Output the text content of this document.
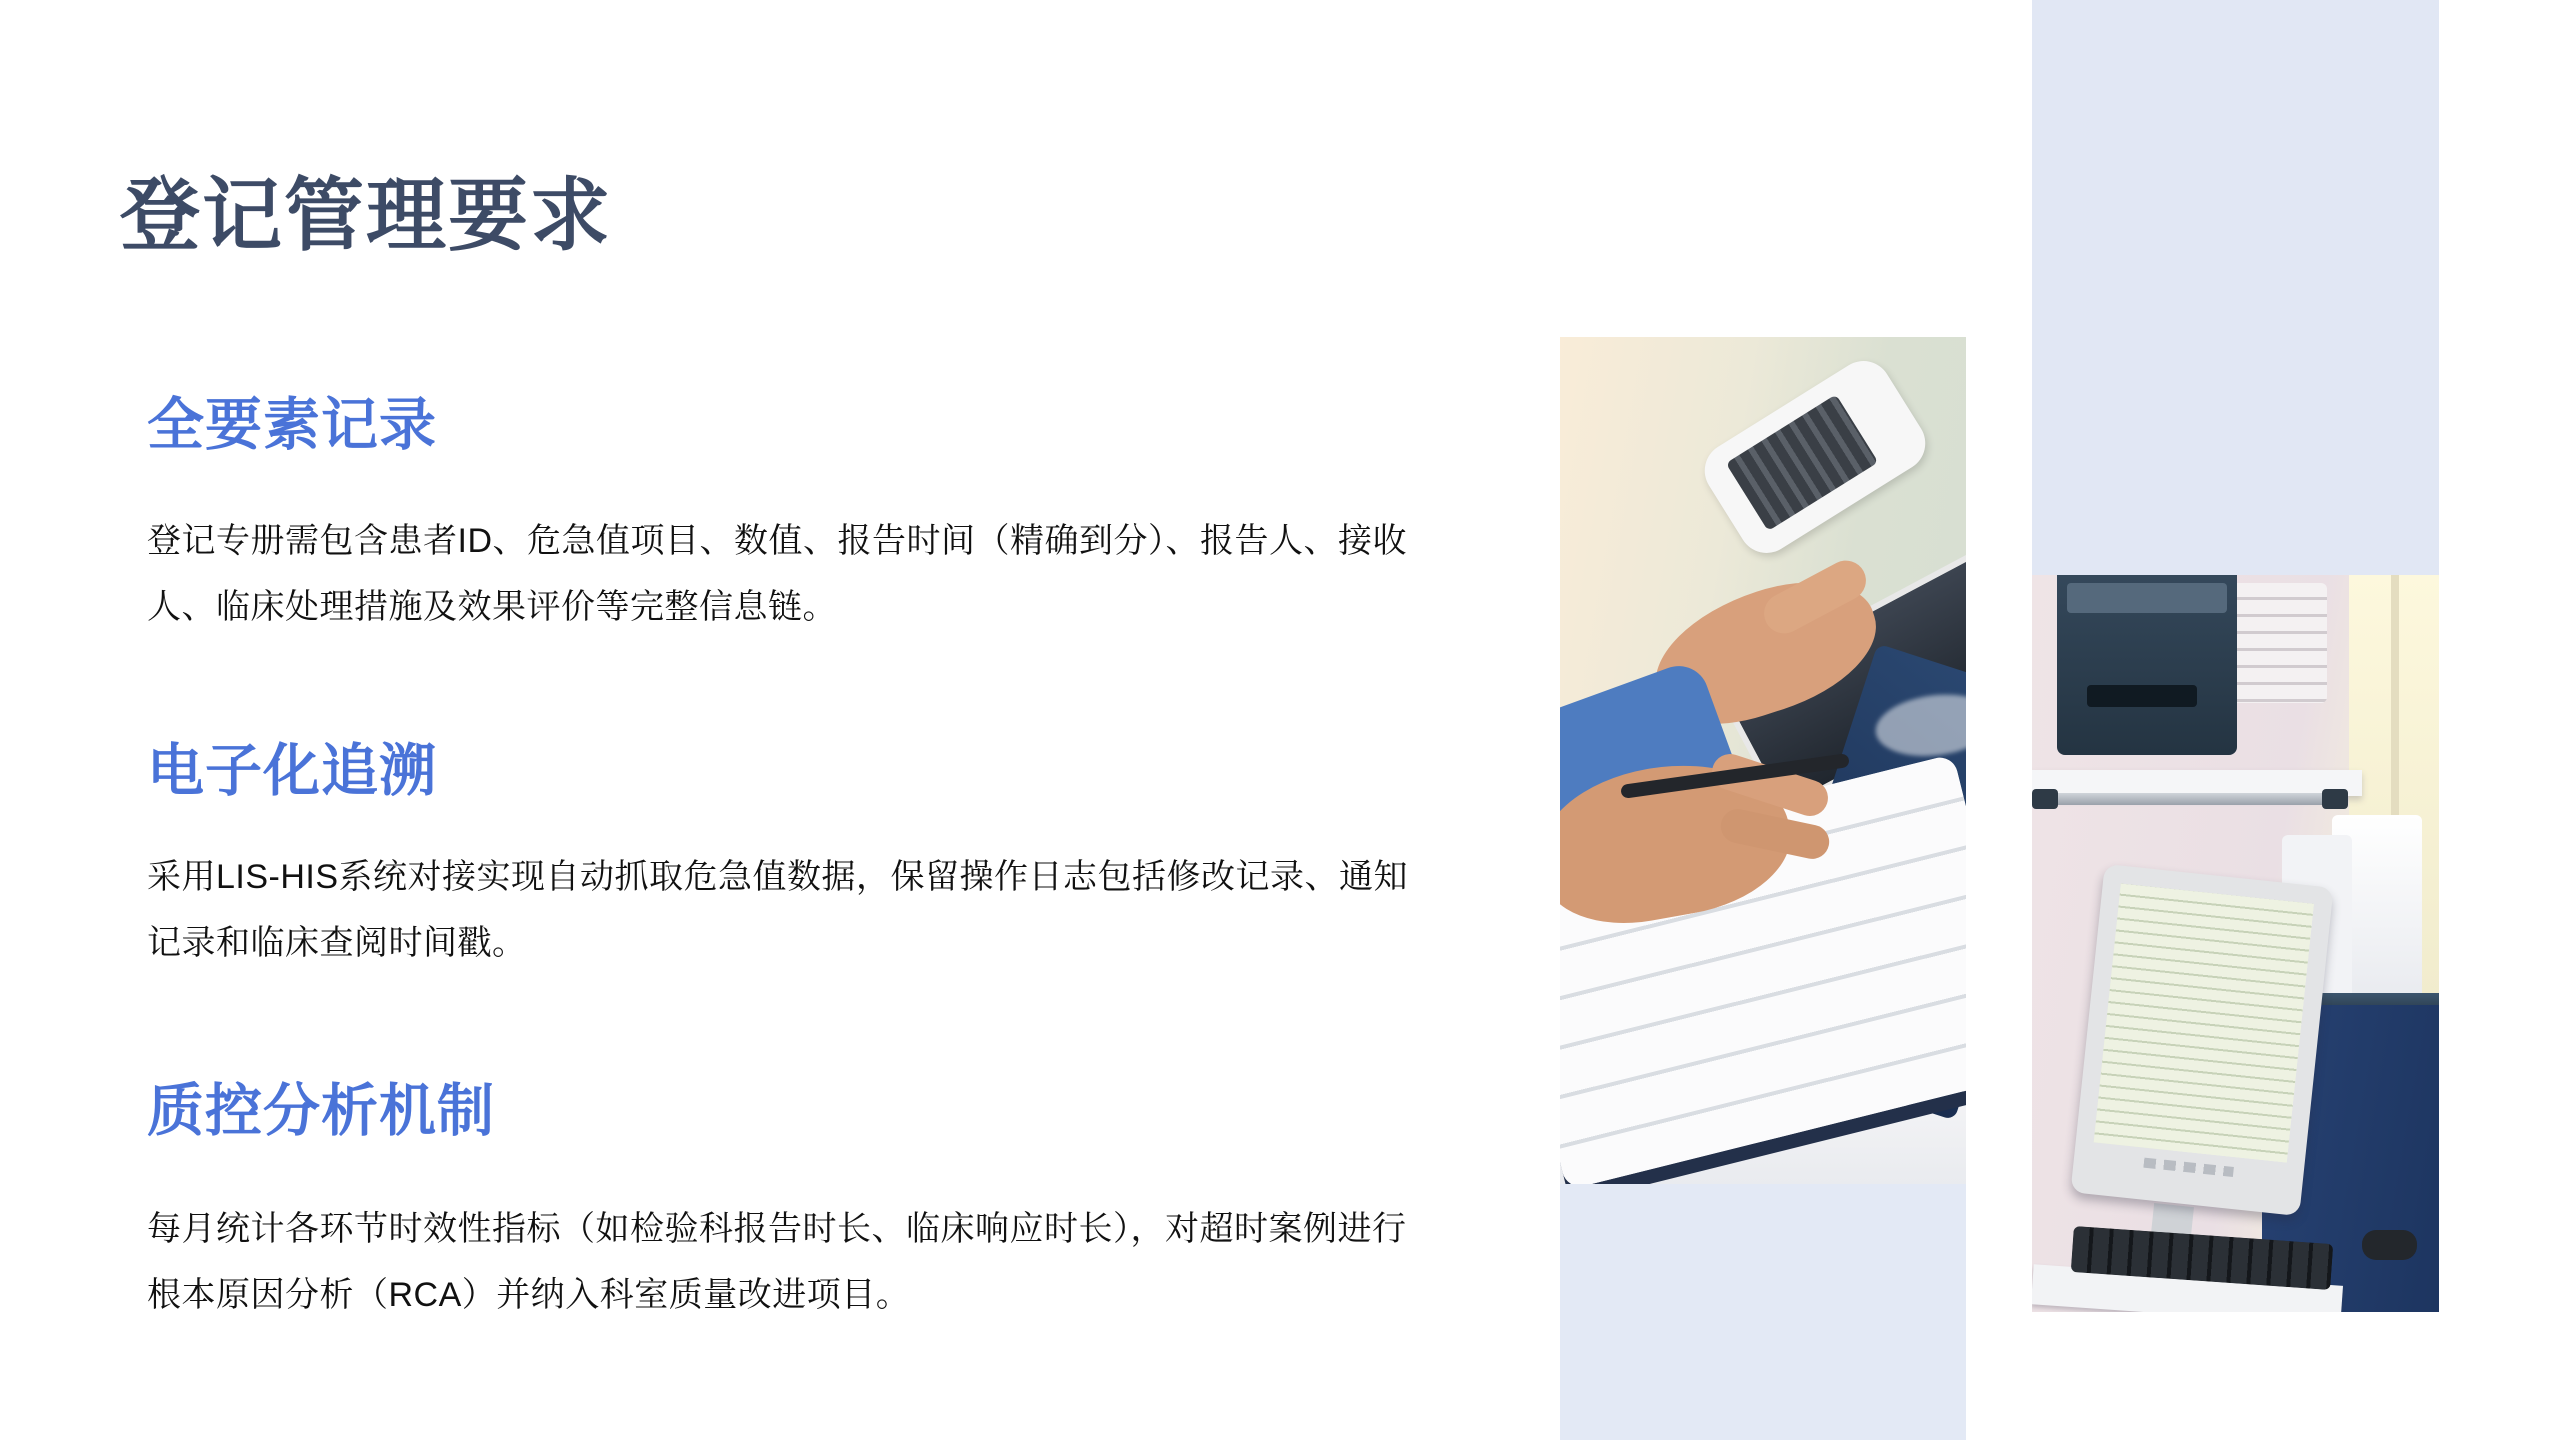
登记管理要求
全要素记录

登记专册需包含患者ID、危急值项目、数值、报告时间（精确到分）、报告人、接收人、临床处理措施及效果评价等完整信息链。

电子化追溯

采用LIS-HIS系统对接实现自动抓取危急值数据，保留操作日志包括修改记录、通知记录和临床查阅时间戳。

质控分析机制

每月统计各环节时效性指标（如检验科报告时长、临床响应时长），对超时案例进行根本原因分析（RCA）并纳入科室质量改进项目。
